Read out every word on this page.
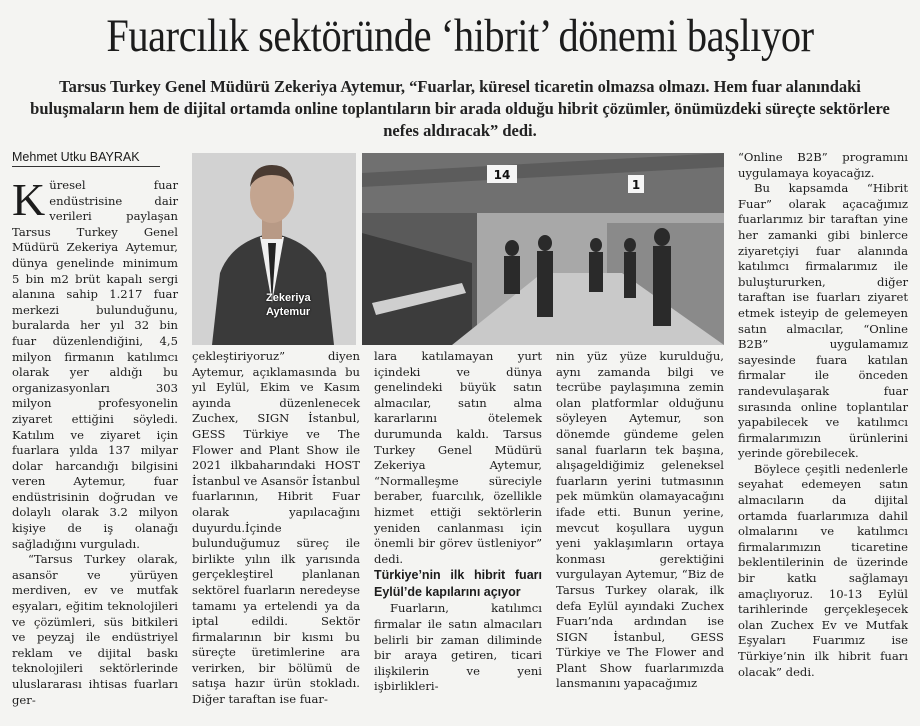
Fuarcılık sektöründe ‘hibrit’ dönemi başlıyor
Tarsus Turkey Genel Müdürü Zekeriya Aytemur, “Fuarlar, küresel ticaretin olmazsa olmazı. Hem fuar alanındaki buluşmaların hem de dijital ortamda online toplantıların bir arada olduğu hibrit çözümler, önümüzdeki süreçte sektörlere nefes aldıracak” dedi.
Mehmet Utku BAYRAK

Küresel fuar endüstrisine dair verileri paylaşan Tarsus Turkey Genel Müdürü Zekeriya Aytemur, dünya genelinde minimum 5 bin m2 brüt kapalı sergi alanına sahip 1.217 fuar merkezi bulunduğunu, buralarda her yıl 32 bin fuar düzenlendiğini, 4,5 milyon firmanın katılımcı olarak yer aldığı bu organizasyonları 303 milyon profesyonelin ziyaret ettiğini söyledi. Katılım ve ziyaret için fuarlara yılda 137 milyar dolar harcandığı bilgisini veren Aytemur, fuar endüstrisinin doğrudan ve dolaylı olarak 3.2 milyon kişiye de iş olanağı sağladığını vurguladı.

“Tarsus Turkey olarak, asansör ve yürüyen merdiven, ev ve mutfak eşyaları, eğitim teknolojileri ve çözümleri, süs bitkileri ve peyzaj ile endüstriyel reklam ve dijital baskı teknolojileri sektörlerinde uluslararası ihtisas fuarları ger-

Zekeriya Aytemur
14
1

çekleştiriyoruz” diyen Aytemur, açıklamasında bu yıl Eylül, Ekim ve Kasım ayında düzenlenecek Zuchex, SIGN İstanbul, GESS Türkiye ve The Flower and Plant Show ile 2021 ilkbaharındaki HOST İstanbul ve Asansör İstanbul fuarlarının, Hibrit Fuar olarak yapılacağını duyurdu.İçinde bulunduğumuz süreç ile birlikte yılın ilk yarısında gerçekleştirel planlanan sektörel fuarların neredeyse tamamı ya ertelendi ya da iptal edildi. Sektör firmalarının bir kısmı bu süreçte üretimlerine ara verirken, bir bölümü de satışa hazır ürün stokladı. Diğer taraftan ise fuar-

lara katılamayan yurt içindeki ve dünya genelindeki büyük satın almacılar, satın alma kararlarını ötelemek durumunda kaldı. Tarsus Turkey Genel Müdürü Zekeriya Aytemur, “Normalleşme süreciyle beraber, fuarcılık, özellikle hizmet ettiği sektörlerin yeniden canlanması için önemli bir görev üstleniyor” dedi.

Türkiye’nin ilk hibrit fuarı Eylül’de kapılarını açıyor

Fuarların, katılımcı firmalar ile satın almacıları belirli bir zaman diliminde bir araya getiren, ticari ilişkilerin ve yeni işbirlikleri-

nin yüz yüze kurulduğu, aynı zamanda bilgi ve tecrübe paylaşımına zemin olan platformlar olduğunu söyleyen Aytemur, son dönemde gündeme gelen sanal fuarların tek başına, alışageldiğimiz geleneksel fuarların yerini tutmasının pek mümkün olamayacağını ifade etti. Bunun yerine, mevcut koşullara uygun yeni yaklaşımların ortaya konması gerektiğini vurgulayan Aytemur, “Biz de Tarsus Turkey olarak, ilk defa Eylül ayındaki Zuchex Fuarı’nda ardından ise SIGN İstanbul, GESS Türkiye ve The Flower and Plant Show fuarlarımızda lansmanını yapacağımız

“Online B2B” programını uygulamaya koyacağız.

Bu kapsamda “Hibrit Fuar” olarak açacağımız fuarlarımız bir taraftan yine her zamanki gibi binlerce ziyaretçiyi fuar alanında katılımcı firmalarımız ile buluştururken, diğer taraftan ise fuarları ziyaret etmek isteyip de gelemeyen satın almacılar, “Online B2B” uygulamamız sayesinde fuara katılan firmalar ile önceden randevulaşarak fuar sırasında online toplantılar yapabilecek ve katılımcı firmalarımızın ürünlerini yerinde görebilecek.

Böylece çeşitli nedenlerle seyahat edemeyen satın almacıların da dijital ortamda fuarlarımıza dahil olmalarını ve katılımcı firmalarımızın ticaretine beklentilerinin de üzerinde bir katkı sağlamayı amaçlıyoruz. 10-13 Eylül tarihlerinde gerçekleşecek olan Zuchex Ev ve Mutfak Eşyaları Fuarımız ise Türkiye’nin ilk hibrit fuarı olacak” dedi.
